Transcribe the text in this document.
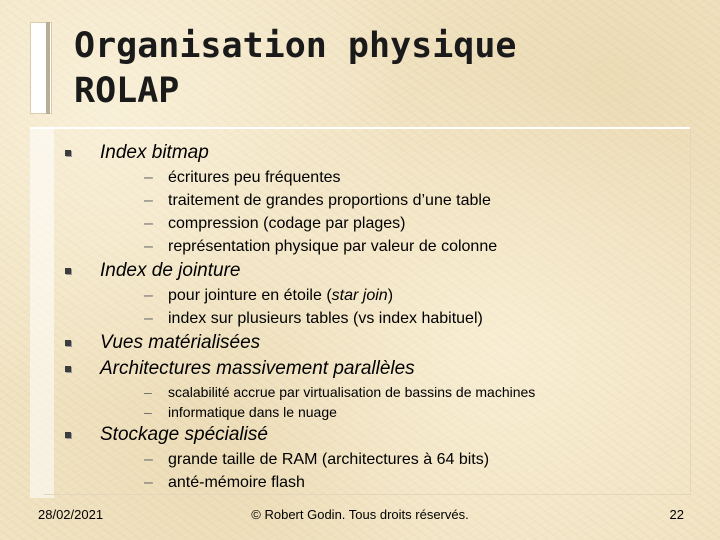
Organisation physique
ROLAP
Index bitmap
– écritures peu fréquentes
– traitement de grandes proportions d’une table
– compression (codage par plages)
– représentation physique par valeur de colonne
Index de jointure
– pour jointure en étoile (star join)
– index sur plusieurs tables (vs index habituel)
Vues matérialisées
Architectures massivement parallèles
– scalabilité accrue par virtualisation de bassins de machines
– informatique dans le nuage
Stockage spécialisé
– grande taille de RAM (architectures à 64 bits)
– anté-mémoire flash

28/02/2021	© Robert Godin. Tous droits réservés.	22
